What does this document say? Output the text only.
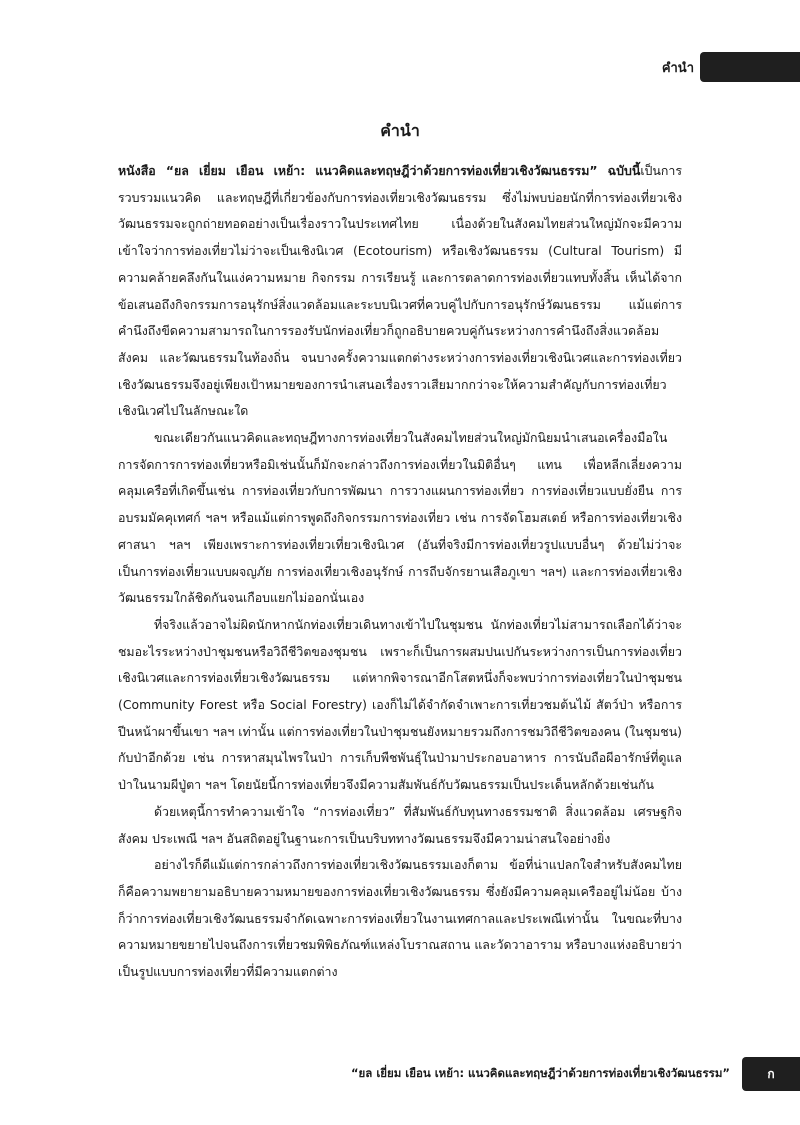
คำนำ
คำนำ

หนังสือ “ยล เยี่ยม เยือน เหย้า: แนวคิดและทฤษฎีว่าด้วยการท่องเที่ยวเชิงวัฒนธรรม” ฉบับนี้เป็นการรวบรวมแนวคิด และทฤษฎีที่เกี่ยวข้องกับการท่องเที่ยวเชิงวัฒนธรรม ซึ่งไม่พบบ่อยนักที่การท่องเที่ยวเชิงวัฒนธรรมจะถูกถ่ายทอดอย่างเป็นเรื่องราวในประเทศไทย เนื่องด้วยในสังคมไทยส่วนใหญ่มักจะมีความเข้าใจว่าการท่องเที่ยวไม่ว่าจะเป็นเชิงนิเวศ (Ecotourism) หรือเชิงวัฒนธรรม (Cultural Tourism) มีความคล้ายคลึงกันในแง่ความหมาย กิจกรรม การเรียนรู้ และการตลาดการท่องเที่ยวแทบทั้งสิ้น เห็นได้จากข้อเสนอถึงกิจกรรมการอนุรักษ์สิ่งแวดล้อมและระบบนิเวศที่ควบคู่ไปกับการอนุรักษ์วัฒนธรรม แม้แต่การคำนึงถึงขีดความสามารถในการรองรับนักท่องเที่ยวก็ถูกอธิบายควบคู่กันระหว่างการคำนึงถึงสิ่งแวดล้อม สังคม และวัฒนธรรมในท้องถิ่น จนบางครั้งความแตกต่างระหว่างการท่องเที่ยวเชิงนิเวศและการท่องเที่ยวเชิงวัฒนธรรมจึงอยู่เพียงเป้าหมายของการนำเสนอเรื่องราวเสียมากกว่าจะให้ความสำคัญกับการท่องเที่ยวเชิงนิเวศไปในลักษณะใด

ขณะเดียวกันแนวคิดและทฤษฎีทางการท่องเที่ยวในสังคมไทยส่วนใหญ่มักนิยมนำเสนอเครื่องมือในการจัดการการท่องเที่ยวหรือมิเช่นนั้นก็มักจะกล่าวถึงการท่องเที่ยวในมิติอื่นๆ แทน เพื่อหลีกเลี่ยงความคลุมเครือที่เกิดขึ้นเช่น การท่องเที่ยวกับการพัฒนา การวางแผนการท่องเที่ยว การท่องเที่ยวแบบยั่งยืน การอบรมมัคคุเทศก์ ฯลฯ หรือแม้แต่การพูดถึงกิจกรรมการท่องเที่ยว เช่น การจัดโฮมสเตย์ หรือการท่องเที่ยวเชิงศาสนา ฯลฯ เพียงเพราะการท่องเที่ยวเที่ยวเชิงนิเวศ (อันที่จริงมีการท่องเที่ยวรูปแบบอื่นๆ ด้วยไม่ว่าจะเป็นการท่องเที่ยวแบบผจญภัย การท่องเที่ยวเชิงอนุรักษ์ การถีบจักรยานเสือภูเขา ฯลฯ) และการท่องเที่ยวเชิงวัฒนธรรมใกล้ชิดกันจนเกือบแยกไม่ออกนั่นเอง

ที่จริงแล้วอาจไม่ผิดนักหากนักท่องเที่ยวเดินทางเข้าไปในชุมชน นักท่องเที่ยวไม่สามารถเลือกได้ว่าจะชมอะไรระหว่างป่าชุมชนหรือวิถีชีวิตของชุมชน เพราะก็เป็นการผสมปนเปกันระหว่างการเป็นการท่องเที่ยวเชิงนิเวศและการท่องเที่ยวเชิงวัฒนธรรม แต่หากพิจารณาอีกโสตหนึ่งก็จะพบว่าการท่องเที่ยวในป่าชุมชน (Community Forest หรือ Social Forestry) เองก็ไม่ได้จำกัดจำเพาะการเที่ยวชมต้นไม้ สัตว์ป่า หรือการปีนหน้าผาขึ้นเขา ฯลฯ เท่านั้น แต่การท่องเที่ยวในป่าชุมชนยังหมายรวมถึงการชมวิถีชีวิตของคน (ในชุมชน) กับป่าอีกด้วย เช่น การหาสมุนไพรในป่า การเก็บพืชพันธุ์ในป่ามาประกอบอาหาร การนับถือผีอารักษ์ที่ดูแลป่าในนามผีปู่ตา ฯลฯ โดยนัยนี้การท่องเที่ยวจึงมีความสัมพันธ์กับวัฒนธรรมเป็นประเด็นหลักด้วยเช่นกัน

ด้วยเหตุนี้การทำความเข้าใจ “การท่องเที่ยว” ที่สัมพันธ์กับทุนทางธรรมชาติ สิ่งแวดล้อม เศรษฐกิจ สังคม ประเพณี ฯลฯ อันสถิตอยู่ในฐานะการเป็นบริบททางวัฒนธรรมจึงมีความน่าสนใจอย่างยิ่ง

อย่างไรก็ดีแม้แต่การกล่าวถึงการท่องเที่ยวเชิงวัฒนธรรมเองก็ตาม ข้อที่น่าแปลกใจสำหรับสังคมไทยก็คือความพยายามอธิบายความหมายของการท่องเที่ยวเชิงวัฒนธรรม ซึ่งยังมีความคลุมเครืออยู่ไม่น้อย บ้างก็ว่าการท่องเที่ยวเชิงวัฒนธรรมจำกัดเฉพาะการท่องเที่ยวในงานเทศกาลและประเพณีเท่านั้น ในขณะที่บางความหมายขยายไปจนถึงการเที่ยวชมพิพิธภัณฑ์แหล่งโบราณสถาน และวัดวาอาราม หรือบางแห่งอธิบายว่าเป็นรูปแบบการท่องเที่ยวที่มีความแตกต่าง

“ยล เยี่ยม เยือน เหย้า: แนวคิดและทฤษฎีว่าด้วยการท่องเที่ยวเชิงวัฒนธรรม”	ก
